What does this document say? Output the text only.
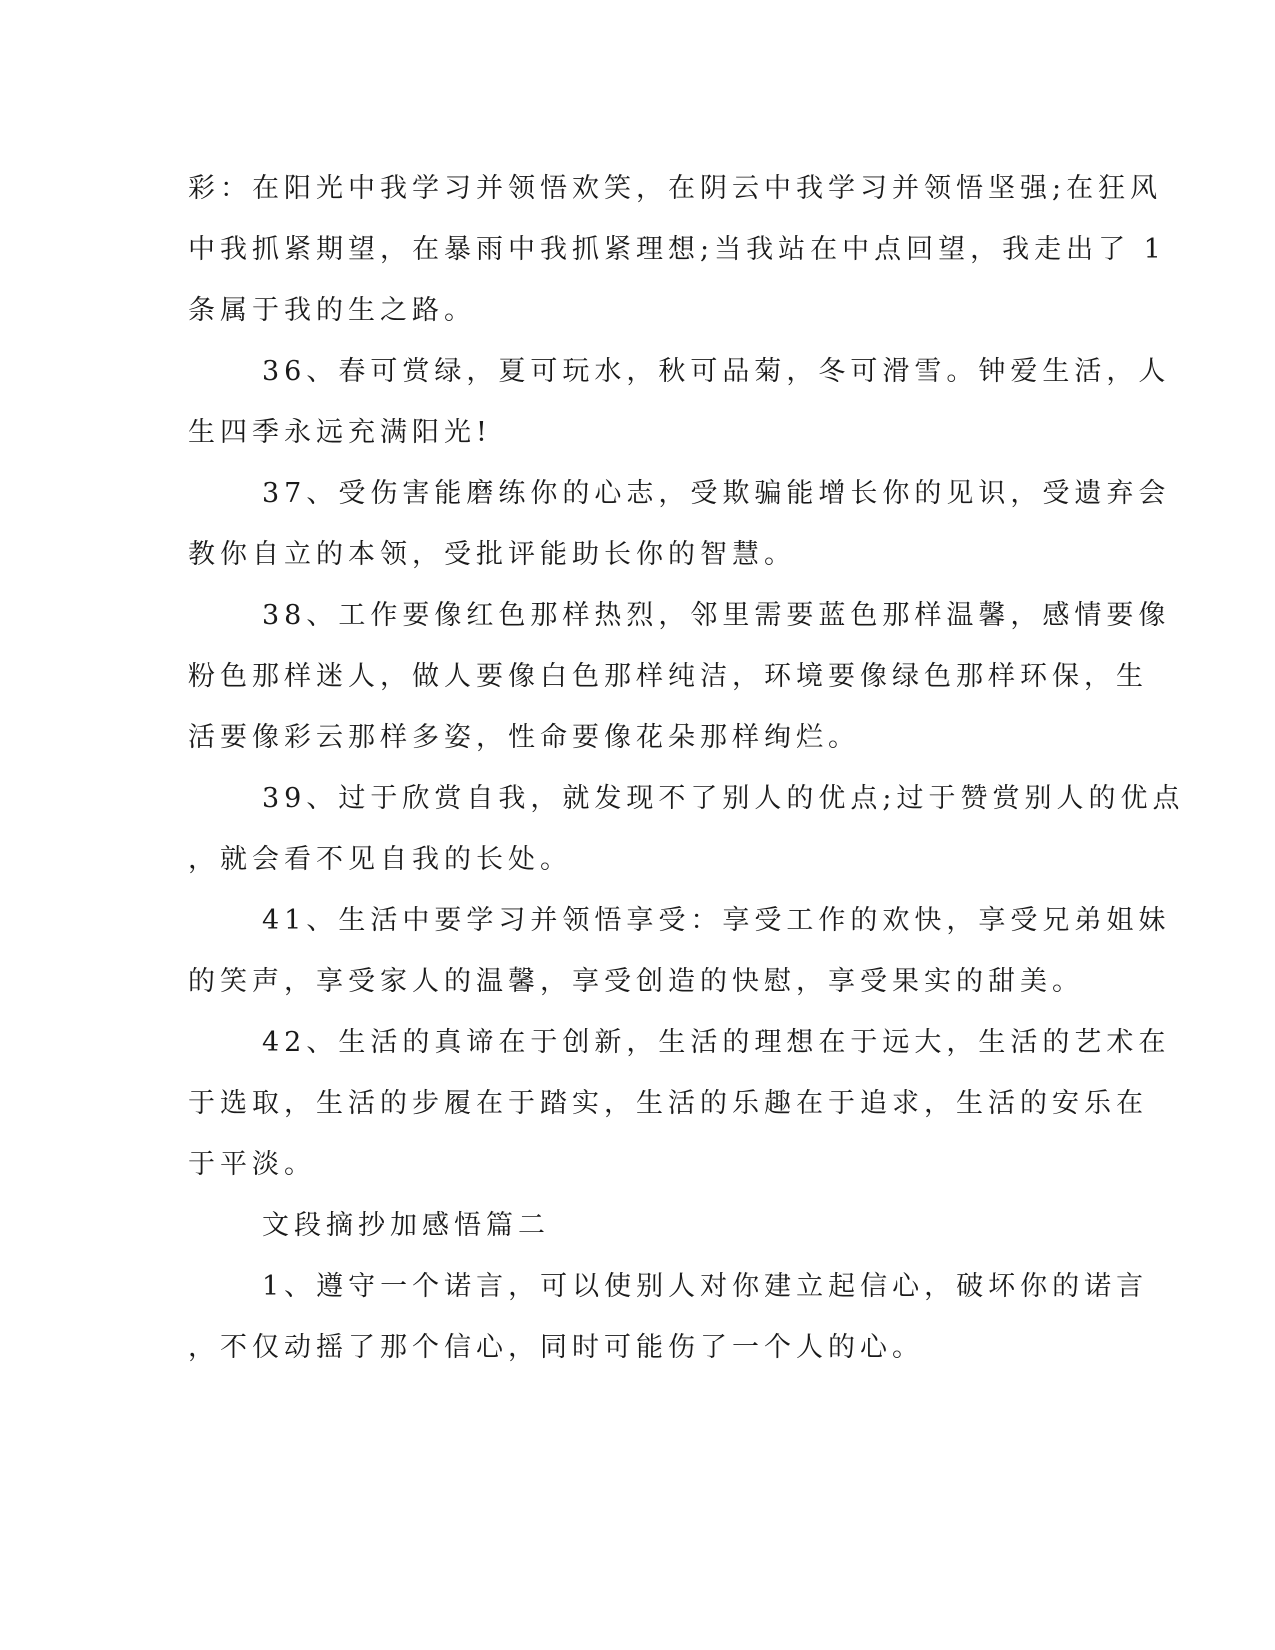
彩：在阳光中我学习并领悟欢笑，在阴云中我学习并领悟坚强;在狂风
中我抓紧期望，在暴雨中我抓紧理想;当我站在中点回望，我走出了 1
条属于我的生之路。
36、春可赏绿，夏可玩水，秋可品菊，冬可滑雪。钟爱生活，人
生四季永远充满阳光!
37、受伤害能磨练你的心志，受欺骗能增长你的见识，受遗弃会
教你自立的本领，受批评能助长你的智慧。
38、工作要像红色那样热烈，邻里需要蓝色那样温馨，感情要像
粉色那样迷人，做人要像白色那样纯洁，环境要像绿色那样环保，生
活要像彩云那样多姿，性命要像花朵那样绚烂。
39、过于欣赏自我，就发现不了别人的优点;过于赞赏别人的优点
，就会看不见自我的长处。
41、生活中要学习并领悟享受：享受工作的欢快，享受兄弟姐妹
的笑声，享受家人的温馨，享受创造的快慰，享受果实的甜美。
42、生活的真谛在于创新，生活的理想在于远大，生活的艺术在
于选取，生活的步履在于踏实，生活的乐趣在于追求，生活的安乐在
于平淡。
文段摘抄加感悟篇二
1、遵守一个诺言，可以使别人对你建立起信心，破坏你的诺言
，不仅动摇了那个信心，同时可能伤了一个人的心。
